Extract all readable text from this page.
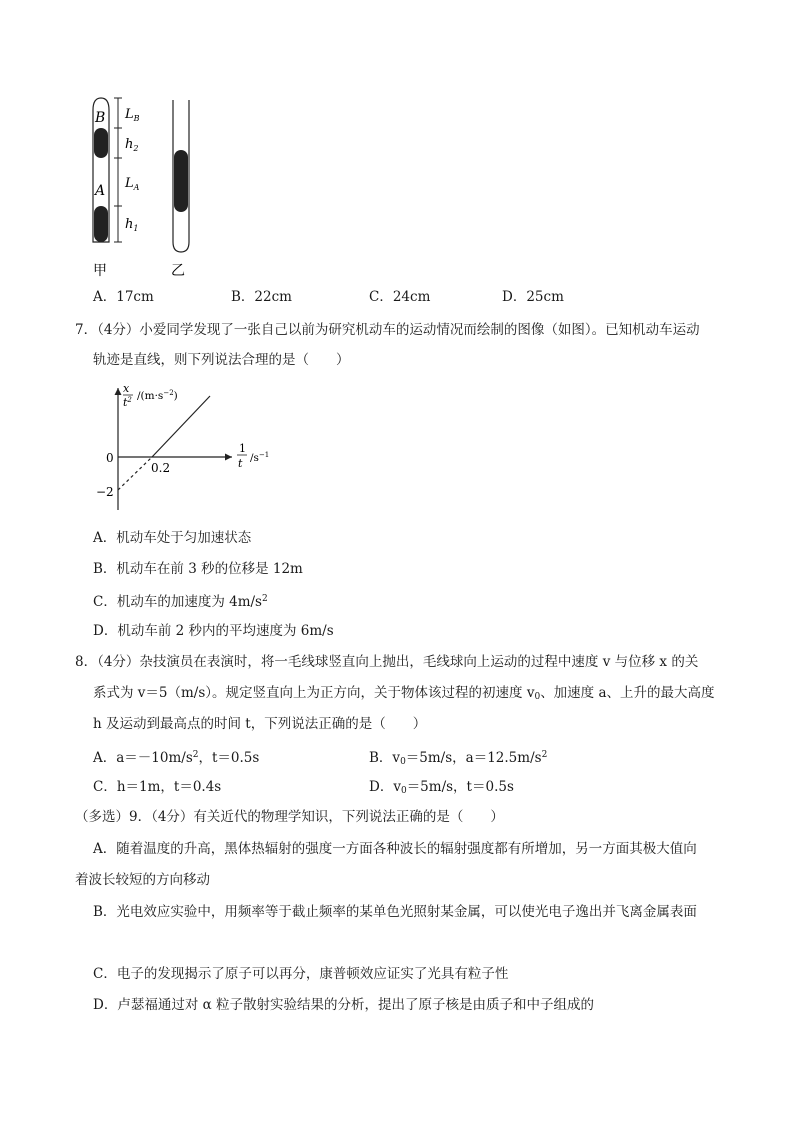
B
A
$L_B$
$h_2$
$L_A$
$h_1$
甲	乙
A．17cm	B．22cm	C．24cm	D．25cm
7．（4分）小爱同学发现了一张自己以前为研究机动车的运动情况而绘制的图像（如图）。已知机动车运动
轨迹是直线，则下列说法合理的是（　　）
x
$t^2$ $/(m\cdot s^{-2})$
1
t $/s^{-1}$
0
0.2
−2
A．机动车处于匀加速状态
B．机动车在前 3 秒的位移是 12m
C．机动车的加速度为 $4m/s^2$
D．机动车前 2 秒内的平均速度为 6m/s
8．（4分）杂技演员在表演时，将一毛线球竖直向上抛出，毛线球向上运动的过程中速度 v 与位移 x 的关
系式为 v＝5（m/s）。规定竖直向上为正方向，关于物体该过程的初速度 $v_0$、加速度 a、上升的最大高度
h 及运动到最高点的时间 t，下列说法正确的是（　　）
A．$a=-10m/s^2$，t＝0.5s	B．$v_0=5m/s$，$a=12.5m/s^2$
C．h＝1m，t＝0.4s	D．$v_0=5m/s$，t＝0.5s
（多选）9．（4分）有关近代的物理学知识，下列说法正确的是（　　）
A．随着温度的升高，黑体热辐射的强度一方面各种波长的辐射强度都有所增加，另一方面其极大值向
着波长较短的方向移动
B．光电效应实验中，用频率等于截止频率的某单色光照射某金属，可以使光电子逸出并飞离金属表面
C．电子的发现揭示了原子可以再分，康普顿效应证实了光具有粒子性
D．卢瑟福通过对 α 粒子散射实验结果的分析，提出了原子核是由质子和中子组成的
